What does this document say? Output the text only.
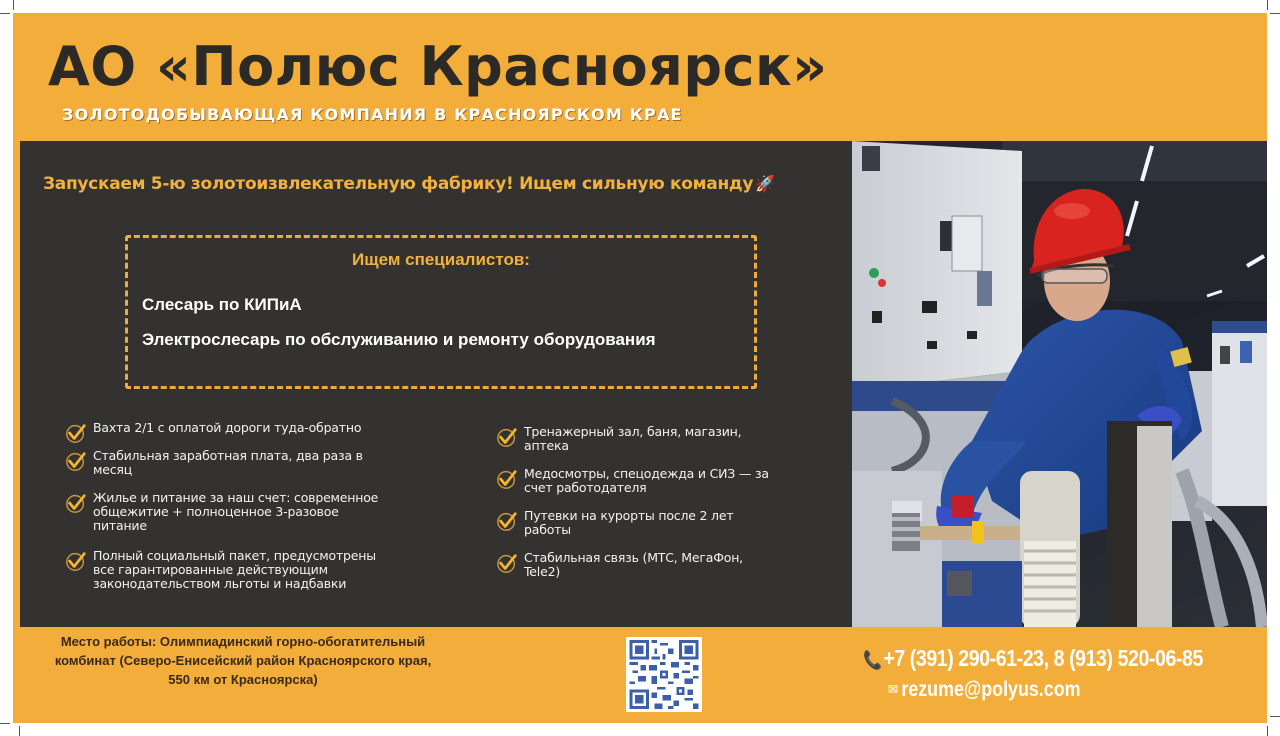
АО «Полюс Красноярск»
ЗОЛОТОДОБЫВАЮЩАЯ КОМПАНИЯ В КРАСНОЯРСКОМ КРАЕ
Запускаем 5-ю золотоизвлекательную фабрику! Ищем сильную команду 🚀
Ищем специалистов:
Слесарь по КИПиА
Электрослесарь по обслуживанию и ремонту оборудования
Вахта 2/1 с оплатой дороги туда-обратно
Стабильная заработная плата, два раза в месяц
Жилье и питание за наш счет: современное общежитие + полноценное 3-разовое питание
Полный социальный пакет, предусмотрены все гарантированные действующим законодательством льготы и надбавки
Тренажерный зал, баня, магазин, аптека
Медосмотры, спецодежда и СИЗ — за счет работодателя
Путевки на курорты после 2 лет работы
Стабильная связь (МТС, МегаФон, Tele2)
Место работы: Олимпиадинский горно-обогатительный комбинат (Северо-Енисейский район Красноярского края, 550 км от Красноярска)
📞+7 (391) 290-61-23, 8 (913) 520-06-85
✉ rezume@polyus.com
